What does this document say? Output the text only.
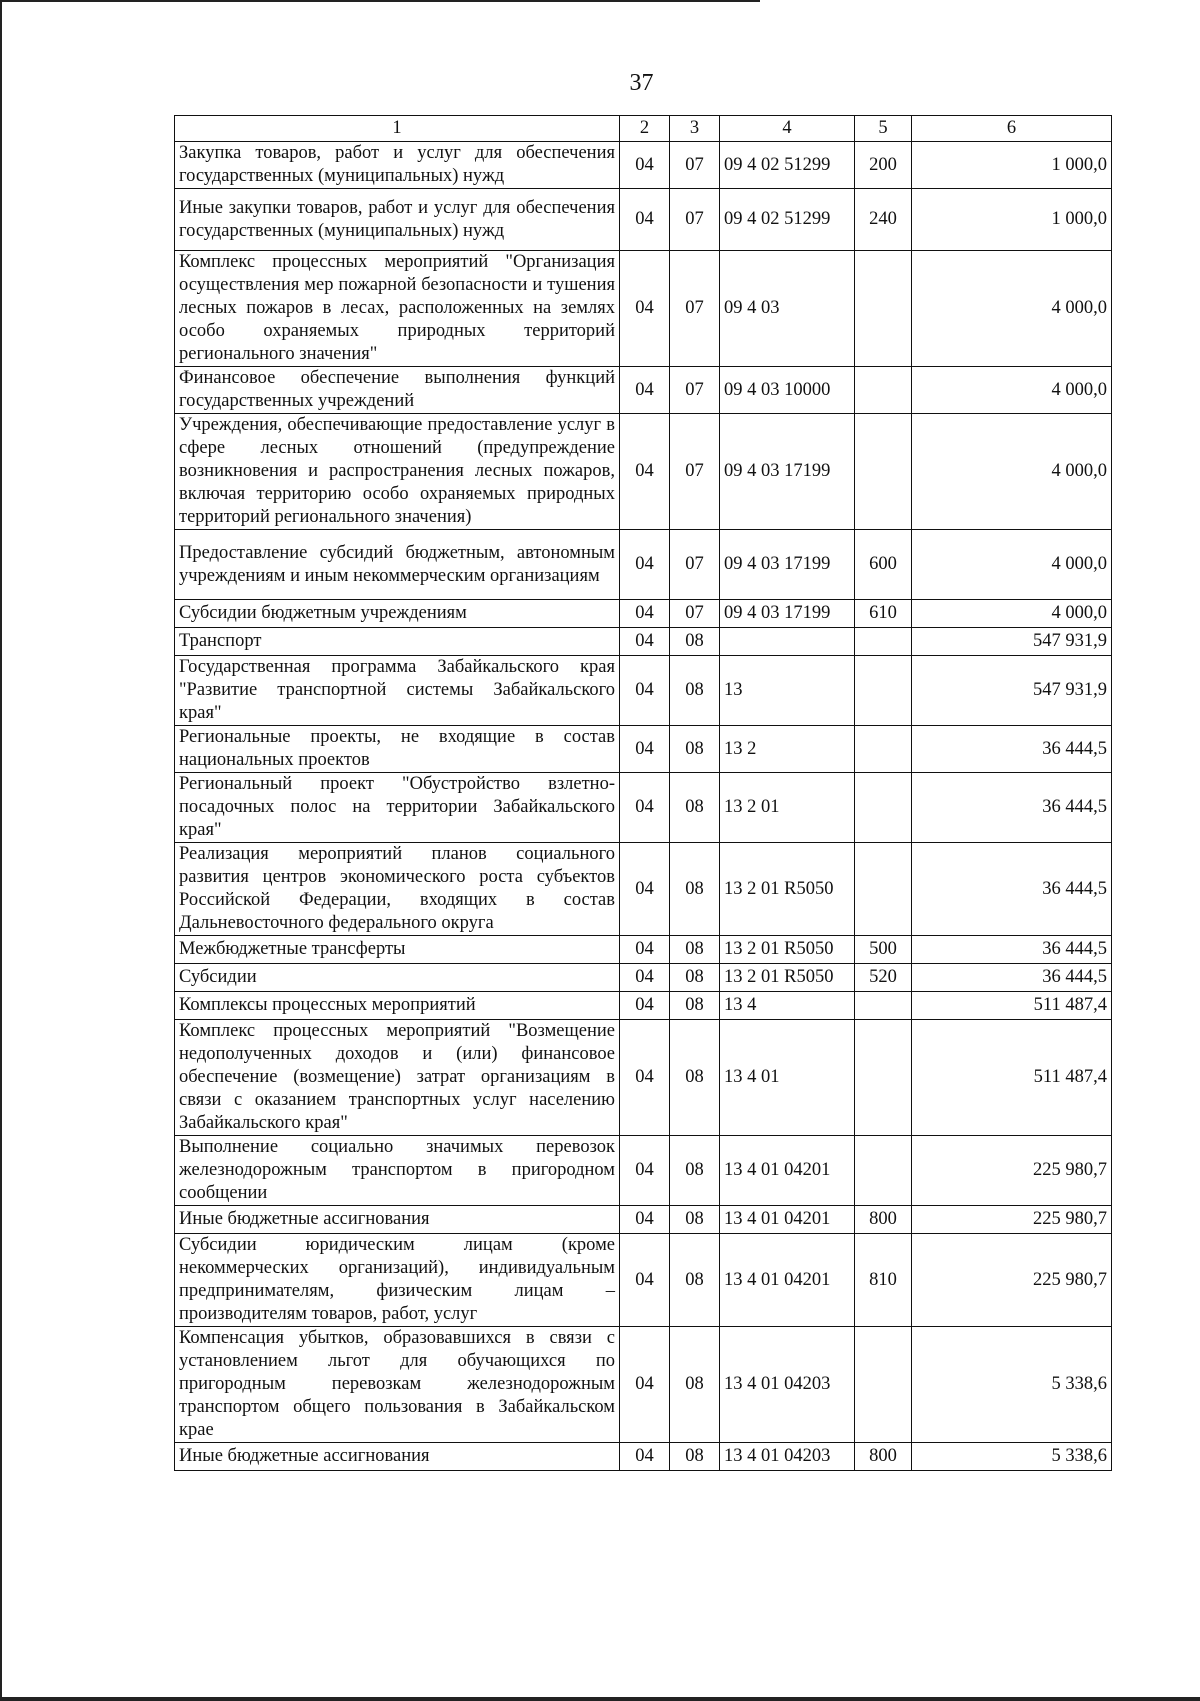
37
1	2	3	4	5	6
Закупка товаров, работ и услуг для обеспечения государственных (муниципальных) нужд	04	07	09 4 02 51299	200	1 000,0
Иные закупки товаров, работ и услуг для обеспечения государственных (муниципальных) нужд	04	07	09 4 02 51299	240	1 000,0
Комплекс процессных мероприятий "Организация осуществления мер пожарной безопасности и тушения лесных пожаров в лесах, расположенных на землях особо охраняемых природных территорий регионального значения"	04	07	09 4 03		4 000,0
Финансовое обеспечение выполнения функций государственных учреждений	04	07	09 4 03 10000		4 000,0
Учреждения, обеспечивающие предоставление услуг в сфере лесных отношений (предупреждение возникновения и распространения лесных пожаров, включая территорию особо охраняемых природных территорий регионального значения)	04	07	09 4 03 17199		4 000,0
Предоставление субсидий бюджетным, автономным учреждениям и иным некоммерческим организациям	04	07	09 4 03 17199	600	4 000,0
Субсидии бюджетным учреждениям	04	07	09 4 03 17199	610	4 000,0
Транспорт	04	08			547 931,9
Государственная программа Забайкальского края "Развитие транспортной системы Забайкальского края"	04	08	13		547 931,9
Региональные проекты, не входящие в состав национальных проектов	04	08	13 2		36 444,5
Региональный проект "Обустройство взлетно-посадочных полос на территории Забайкальского края"	04	08	13 2 01		36 444,5
Реализация мероприятий планов социального развития центров экономического роста субъектов Российской Федерации, входящих в состав Дальневосточного федерального округа	04	08	13 2 01 R5050		36 444,5
Межбюджетные трансферты	04	08	13 2 01 R5050	500	36 444,5
Субсидии	04	08	13 2 01 R5050	520	36 444,5
Комплексы процессных мероприятий	04	08	13 4		511 487,4
Комплекс процессных мероприятий "Возмещение недополученных доходов и (или) финансовое обеспечение (возмещение) затрат организациям в связи с оказанием транспортных услуг населению Забайкальского края"	04	08	13 4 01		511 487,4
Выполнение социально значимых перевозок железнодорожным транспортом в пригородном сообщении	04	08	13 4 01 04201		225 980,7
Иные бюджетные ассигнования	04	08	13 4 01 04201	800	225 980,7
Субсидии юридическим лицам (кроме некоммерческих организаций), индивидуальным предпринимателям, физическим лицам – производителям товаров, работ, услуг	04	08	13 4 01 04201	810	225 980,7
Компенсация убытков, образовавшихся в связи с установлением льгот для обучающихся по пригородным перевозкам железнодорожным транспортом общего пользования в Забайкальском крае	04	08	13 4 01 04203		5 338,6
Иные бюджетные ассигнования	04	08	13 4 01 04203	800	5 338,6
